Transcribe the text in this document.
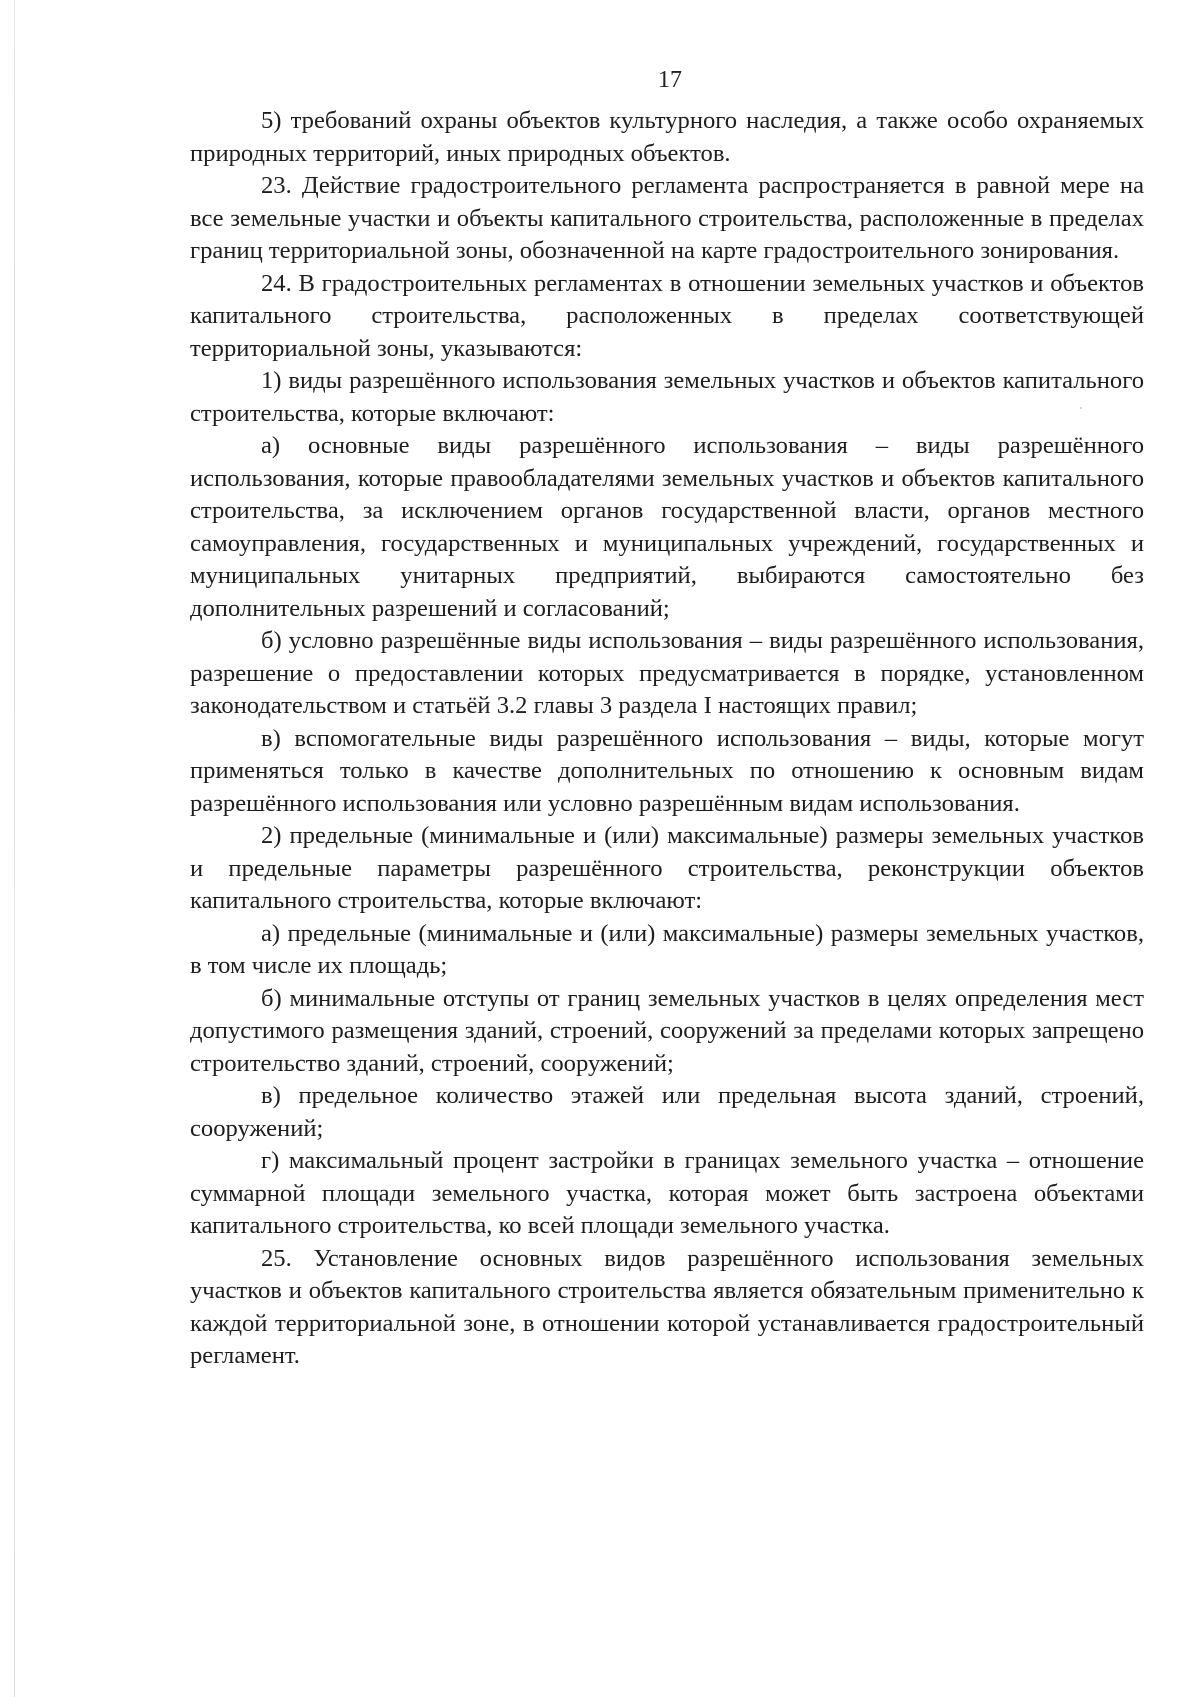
17

5) требований охраны объектов культурного наследия, а также особо охраняемых природных территорий, иных природных объектов.

23. Действие градостроительного регламента распространяется в равной мере на все земельные участки и объекты капитального строительства, расположенные в пределах границ территориальной зоны, обозначенной на карте градостроительного зонирования.

24. В градостроительных регламентах в отношении земельных участков и объектов капитального строительства, расположенных в пределах соответствующей территориальной зоны, указываются:

1) виды разрешённого использования земельных участков и объектов капитального строительства, которые включают:

а) основные виды разрешённого использования – виды разрешённого использования, которые правообладателями земельных участков и объектов капитального строительства, за исключением органов государственной власти, органов местного самоуправления, государственных и муниципальных учреждений, государственных и муниципальных унитарных предприятий, выбираются самостоятельно без дополнительных разрешений и согласований;

б) условно разрешённые виды использования – виды разрешённого использования, разрешение о предоставлении которых предусматривается в порядке, установленном законодательством и статьёй 3.2 главы 3 раздела I настоящих правил;

в) вспомогательные виды разрешённого использования – виды, которые могут применяться только в качестве дополнительных по отношению к основным видам разрешённого использования или условно разрешённым видам использования.

2) предельные (минимальные и (или) максимальные) размеры земельных участков и предельные параметры разрешённого строительства, реконструкции объектов капитального строительства, которые включают:

а) предельные (минимальные и (или) максимальные) размеры земельных участков, в том числе их площадь;

б) минимальные отступы от границ земельных участков в целях определения мест допустимого размещения зданий, строений, сооружений за пределами которых запрещено строительство зданий, строений, сооружений;

в) предельное количество этажей или предельная высота зданий, строений, сооружений;

г) максимальный процент застройки в границах земельного участка – отношение суммарной площади земельного участка, которая может быть застроена объектами капитального строительства, ко всей площади земельного участка.

25. Установление основных видов разрешённого использования земельных участков и объектов капитального строительства является обязательным применительно к каждой территориальной зоне, в отношении которой устанавливается градостроительный регламент.
